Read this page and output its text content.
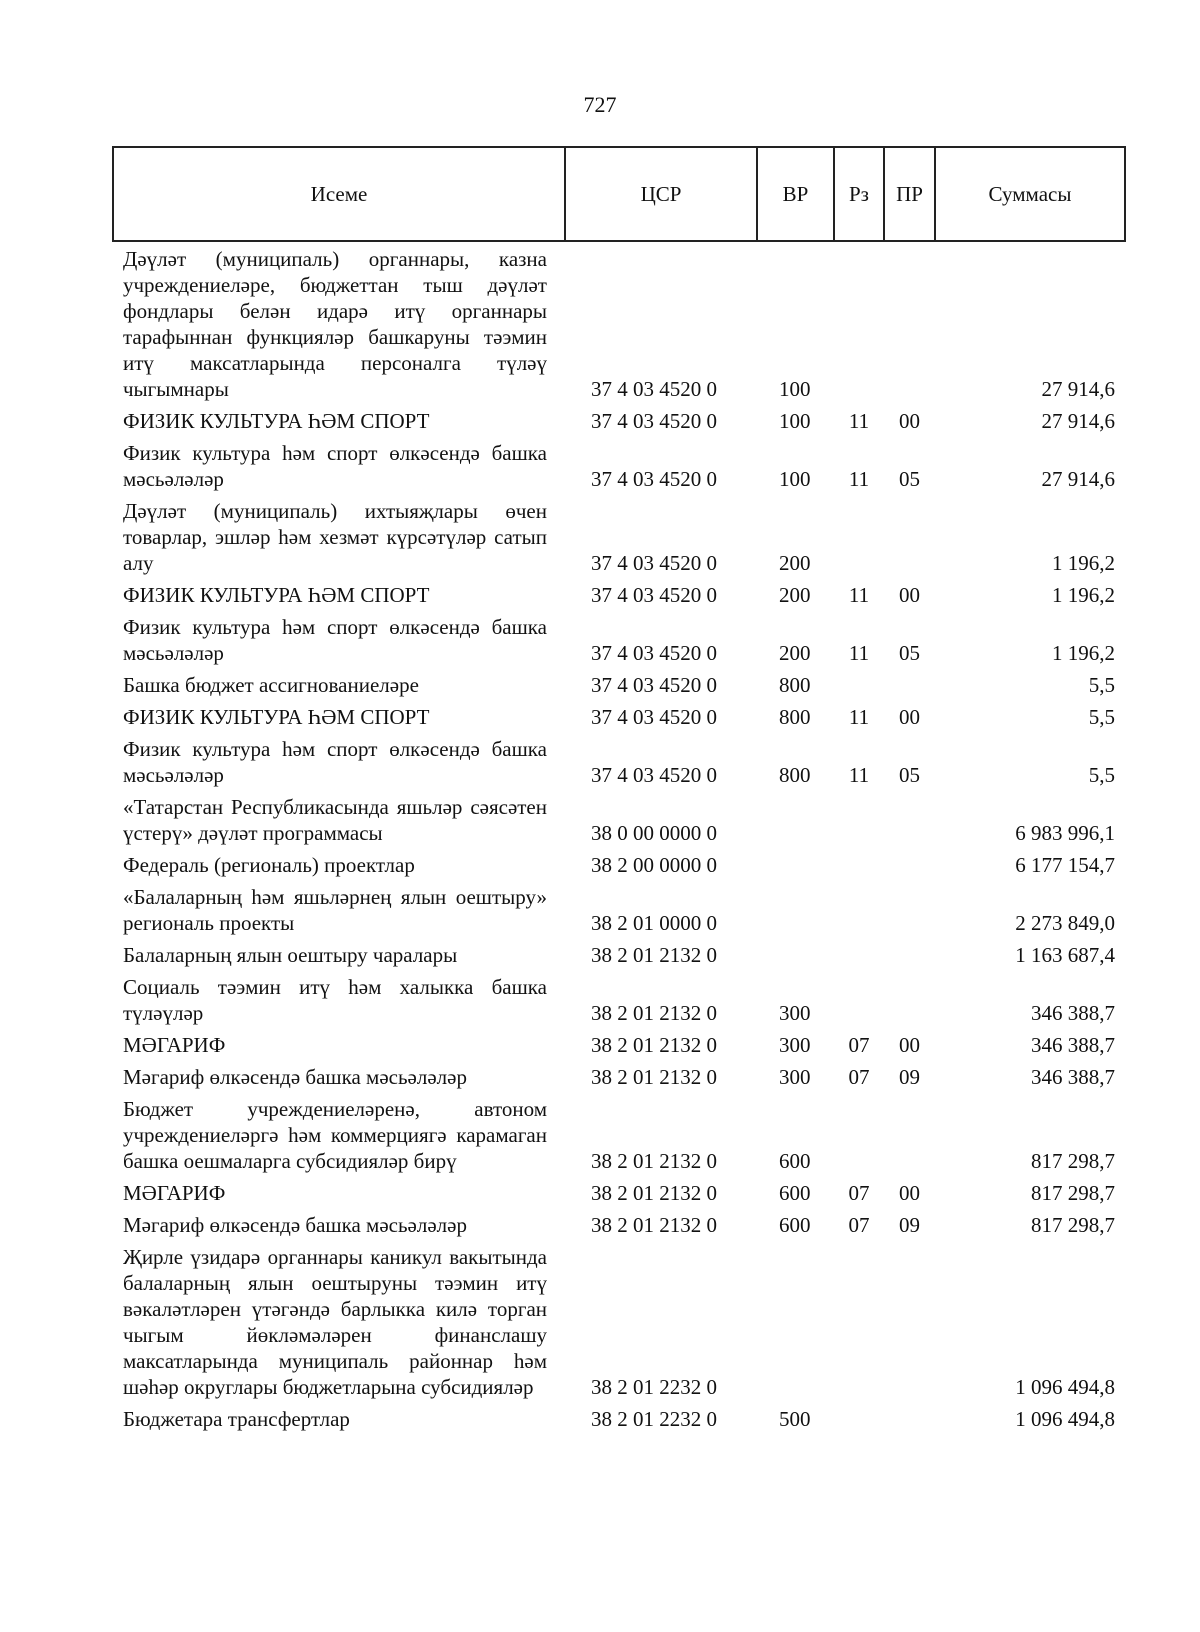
727
Исеме	ЦСР	ВР	Рз	ПР	Суммасы

Дәүләт (муниципаль) органнары, казна учреждениеләре, бюджеттан тыш дәүләт фондлары белән идарә итү органнары тарафыннан функцияләр башкаруны тәэмин итү максатларында персоналга түләү чыгымнары	37 4 03 4520 0	100			27 914,6

ФИЗИК КУЛЬТУРА ҺӘМ СПОРТ	37 4 03 4520 0	100	11	00	27 914,6

Физик культура һәм спорт өлкәсендә башка мәсьәләләр	37 4 03 4520 0	100	11	05	27 914,6

Дәүләт (муниципаль) ихтыяҗлары өчен товарлар, эшләр һәм хезмәт күрсәтүләр сатып алу	37 4 03 4520 0	200			1 196,2

ФИЗИК КУЛЬТУРА ҺӘМ СПОРТ	37 4 03 4520 0	200	11	00	1 196,2

Физик культура һәм спорт өлкәсендә башка мәсьәләләр	37 4 03 4520 0	200	11	05	1 196,2

Башка бюджет ассигнованиеләре	37 4 03 4520 0	800			5,5

ФИЗИК КУЛЬТУРА ҺӘМ СПОРТ	37 4 03 4520 0	800	11	00	5,5

Физик культура һәм спорт өлкәсендә башка мәсьәләләр	37 4 03 4520 0	800	11	05	5,5

«Татарстан Республикасында яшьләр сәясәтен үстерү» дәүләт программасы	38 0 00 0000 0				6 983 996,1

Федераль (региональ) проектлар	38 2 00 0000 0				6 177 154,7

«Балаларның һәм яшьләрнең ялын оештыру» региональ проекты	38 2 01 0000 0				2 273 849,0

Балаларның ялын оештыру чаралары	38 2 01 2132 0				1 163 687,4

Социаль тәэмин итү һәм халыкка башка түләүләр	38 2 01 2132 0	300			346 388,7

МӘГАРИФ	38 2 01 2132 0	300	07	00	346 388,7

Мәгариф өлкәсендә башка мәсьәләләр	38 2 01 2132 0	300	07	09	346 388,7

Бюджет учреждениеләренә, автоном учреждениеләргә һәм коммерциягә карамаган башка оешмаларга субсидияләр бирү	38 2 01 2132 0	600			817 298,7

МӘГАРИФ	38 2 01 2132 0	600	07	00	817 298,7

Мәгариф өлкәсендә башка мәсьәләләр	38 2 01 2132 0	600	07	09	817 298,7

Җирле үзидарә органнары каникул вакытында балаларның ялын оештыруны тәэмин итү вәкаләтләрен үтәгәндә барлыкка килә торган чыгым йөкләмәләрен финанслашу максатларында муниципаль районнар һәм шәһәр округлары бюджетларына субсидияләр	38 2 01 2232 0				1 096 494,8

Бюджетара трансфертлар	38 2 01 2232 0	500			1 096 494,8
